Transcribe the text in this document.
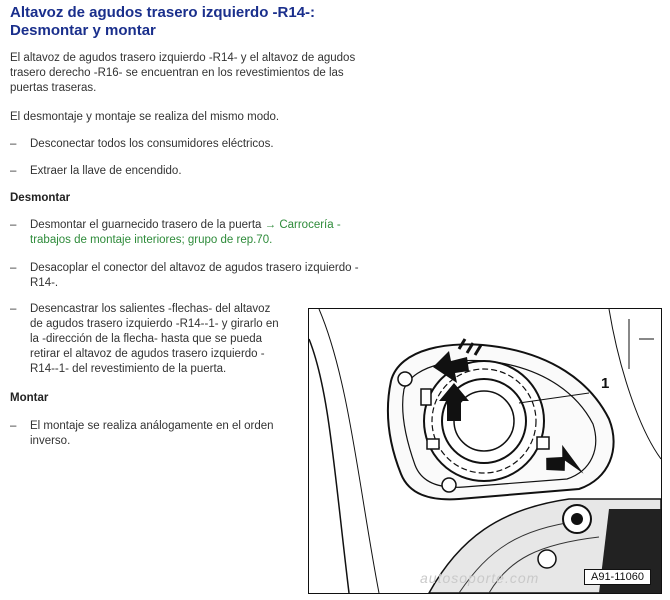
Altavoz de agudos trasero izquierdo -R14-:
Desmontar y montar
El altavoz de agudos trasero izquierdo -R14- y el altavoz de agudos
trasero derecho -R16- se encuentran en los revestimientos de las
puertas traseras.
El desmontaje y montaje se realiza del mismo modo.
– Desconectar todos los consumidores eléctricos.
– Extraer la llave de encendido.
Desmontar
– Desmontar el guarnecido trasero de la puerta → Carrocería -
trabajos de montaje interiores; grupo de rep.70.
– Desacoplar el conector del altavoz de agudos trasero izquierdo -
R14-.
– Desencastrar los salientes -flechas- del altavoz
de agudos trasero izquierdo -R14--1- y girarlo en
la -dirección de la flecha- hasta que se pueda
retirar el altavoz de agudos trasero izquierdo -
R14--1- del revestimiento de la puerta.
Montar
– El montaje se realiza análogamente en el orden
inverso.
1
A91-11060
autosoporte.com
